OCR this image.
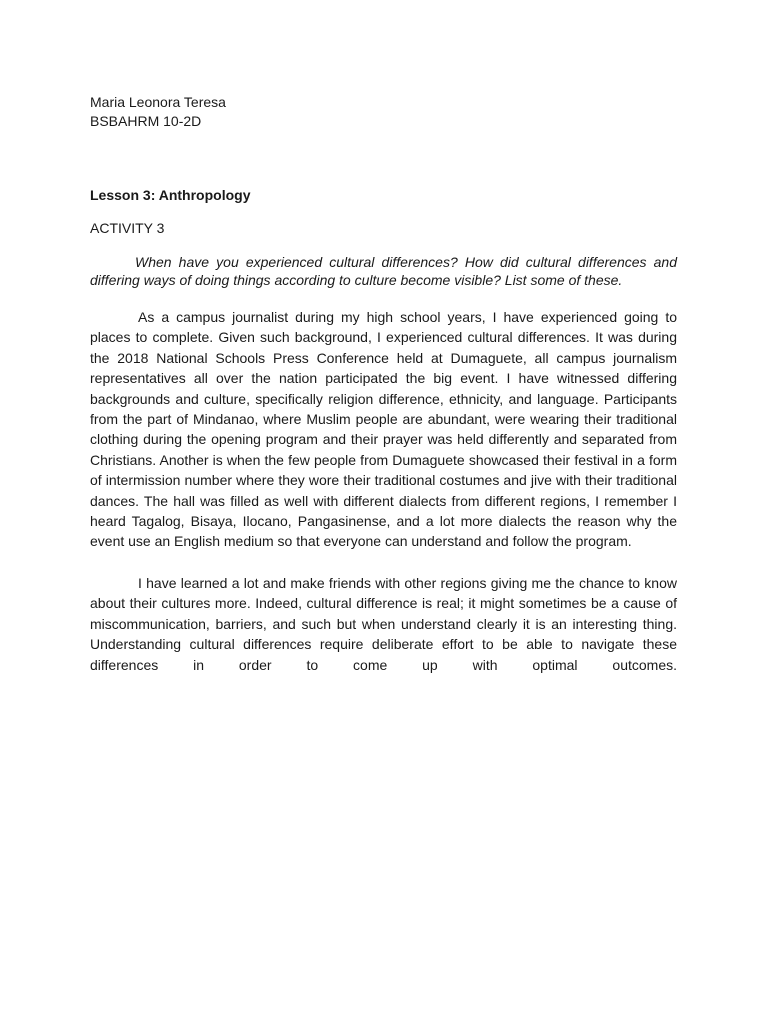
Maria Leonora Teresa

BSBAHRM 10-2D

Lesson 3: Anthropology

ACTIVITY 3

When have you experienced cultural differences? How did cultural differences and differing ways of doing things according to culture become visible? List some of these.

As a campus journalist during my high school years, I have experienced going to places to complete. Given such background, I experienced cultural differences. It was during the 2018 National Schools Press Conference held at Dumaguete, all campus journalism representatives all over the nation participated the big event. I have witnessed differing backgrounds and culture, specifically religion difference, ethnicity, and language. Participants from the part of Mindanao, where Muslim people are abundant, were wearing their traditional clothing during the opening program and their prayer was held differently and separated from Christians. Another is when the few people from Dumaguete showcased their festival in a form of intermission number where they wore their traditional costumes and jive with their traditional dances. The hall was filled as well with different dialects from different regions, I remember I heard Tagalog, Bisaya, Ilocano, Pangasinense, and a lot more dialects the reason why the event use an English medium so that everyone can understand and follow the program.

I have learned a lot and make friends with other regions giving me the chance to know about their cultures more. Indeed, cultural difference is real; it might sometimes be a cause of miscommunication, barriers, and such but when understand clearly it is an interesting thing. Understanding cultural differences require deliberate effort to be able to navigate these differences in order to come up with optimal outcomes.
